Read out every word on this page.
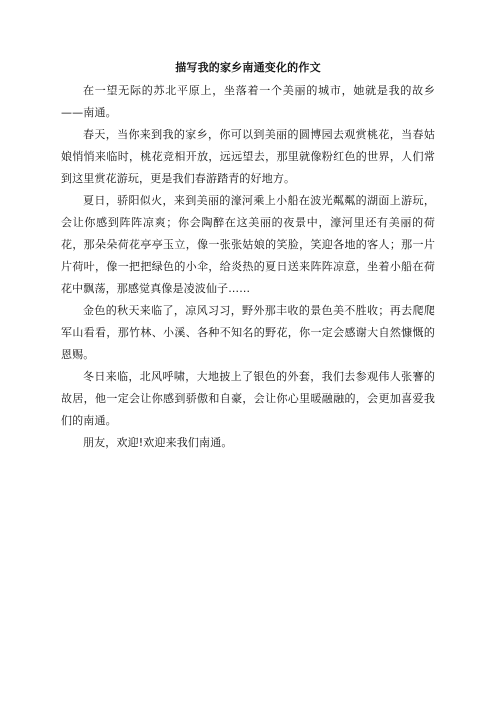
描写我的家乡南通变化的作文

在一望无际的苏北平原上，坐落着一个美丽的城市，她就是我的故乡——南通。

春天，当你来到我的家乡，你可以到美丽的圆博园去观赏桃花，当春姑娘悄悄来临时，桃花竞相开放，远远望去，那里就像粉红色的世界，人们常到这里赏花游玩，更是我们春游踏青的好地方。

夏日，骄阳似火，来到美丽的濠河乘上小船在波光粼粼的湖面上游玩，会让你感到阵阵凉爽；你会陶醉在这美丽的夜景中，濠河里还有美丽的荷花，那朵朵荷花亭亭玉立，像一张张姑娘的笑脸，笑迎各地的客人；那一片片荷叶，像一把把绿色的小伞，给炎热的夏日送来阵阵凉意，坐着小船在荷花中飘荡，那感觉真像是凌波仙子......

金色的秋天来临了，凉风习习，野外那丰收的景色美不胜收；再去爬爬军山看看，那竹林、小溪、各种不知名的野花，你一定会感谢大自然慷慨的恩赐。

冬日来临，北风呼啸，大地披上了银色的外套，我们去参观伟人张謇的故居，他一定会让你感到骄傲和自豪，会让你心里暖融融的，会更加喜爱我们的南通。

朋友，欢迎!欢迎来我们南通。
